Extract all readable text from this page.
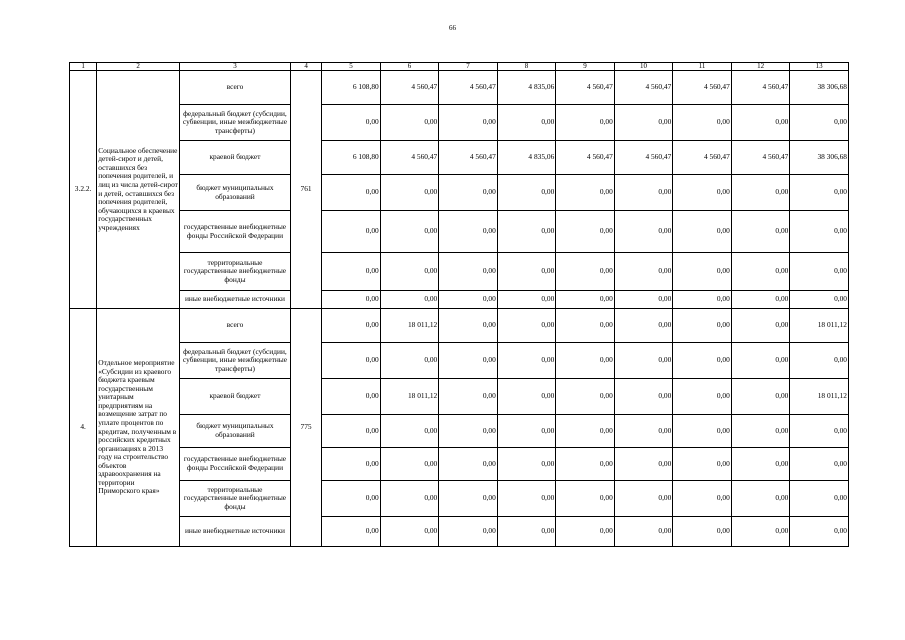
66
1	2	3	4	5	6	7	8	9	10	11	12	13
3.2.2.	Социальное обеспечение детей-сирот и детей, оставшихся без попечения родителей, и лиц из числа детей-сирот и детей, оставшихся без попечения родителей, обучающихся в краевых государственных учреждениях	всего	761	6 108,80	4 560,47	4 560,47	4 835,06	4 560,47	4 560,47	4 560,47	4 560,47	38 306,68
		федеральный бюджет (субсидии, субвенции, иные межбюджетные трансферты)		0,00	0,00	0,00	0,00	0,00	0,00	0,00	0,00	0,00
		краевой бюджет		6 108,80	4 560,47	4 560,47	4 835,06	4 560,47	4 560,47	4 560,47	4 560,47	38 306,68
		бюджет муниципальных образований		0,00	0,00	0,00	0,00	0,00	0,00	0,00	0,00	0,00
		государственные внебюджетные фонды Российской Федерации		0,00	0,00	0,00	0,00	0,00	0,00	0,00	0,00	0,00
		территориальные государственные внебюджетные фонды		0,00	0,00	0,00	0,00	0,00	0,00	0,00	0,00	0,00
		иные внебюджетные источники		0,00	0,00	0,00	0,00	0,00	0,00	0,00	0,00	0,00
4.	Отдельное мероприятие «Субсидии из краевого бюджета краевым государственным унитарным предприятиям на возмещение затрат по уплате процентов по кредитам, полученным в российских кредитных организациях в 2013 году на строительство объектов здравоохранения на территории Приморского края»	всего	775	0,00	18 011,12	0,00	0,00	0,00	0,00	0,00	0,00	18 011,12
		федеральный бюджет (субсидии, субвенции, иные межбюджетные трансферты)		0,00	0,00	0,00	0,00	0,00	0,00	0,00	0,00	0,00
		краевой бюджет		0,00	18 011,12	0,00	0,00	0,00	0,00	0,00	0,00	18 011,12
		бюджет муниципальных образований		0,00	0,00	0,00	0,00	0,00	0,00	0,00	0,00	0,00
		государственные внебюджетные фонды Российской Федерации		0,00	0,00	0,00	0,00	0,00	0,00	0,00	0,00	0,00
		территориальные государственные внебюджетные фонды		0,00	0,00	0,00	0,00	0,00	0,00	0,00	0,00	0,00
		иные внебюджетные источники		0,00	0,00	0,00	0,00	0,00	0,00	0,00	0,00	0,00
